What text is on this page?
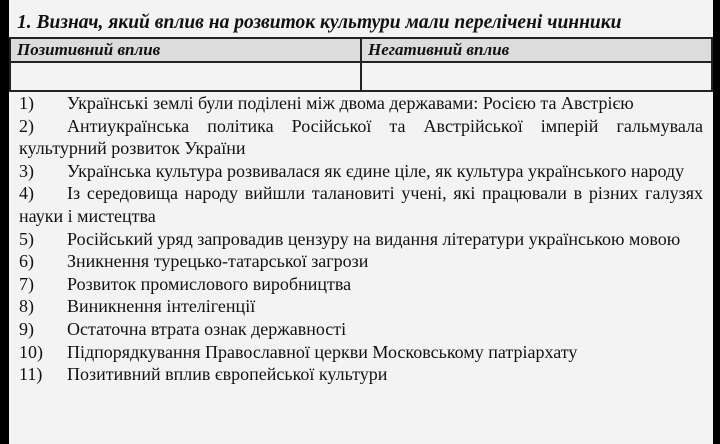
1. Визнач, який вплив на розвиток культури мали перелічені чинники

Позитивний вплив	Негативний вплив

1) Українські землі були поділені між двома державами: Росією та Австрією
2) Антиукраїнська політика Російської та Австрійської імперій гальмувала культурний розвиток України
3) Українська культура розвивалася як єдине ціле, як культура українського народу
4) Із середовища народу вийшли талановиті учені, які працювали в різних галузях науки і мистецтва
5) Російський уряд запровадив цензуру на видання літератури українською мовою
6) Зникнення турецько-татарської загрози
7) Розвиток промислового виробництва
8) Виникнення інтелігенції
9) Остаточна втрата ознак державності
10) Підпорядкування Православної церкви Московському патріархату
11) Позитивний вплив європейської культури
